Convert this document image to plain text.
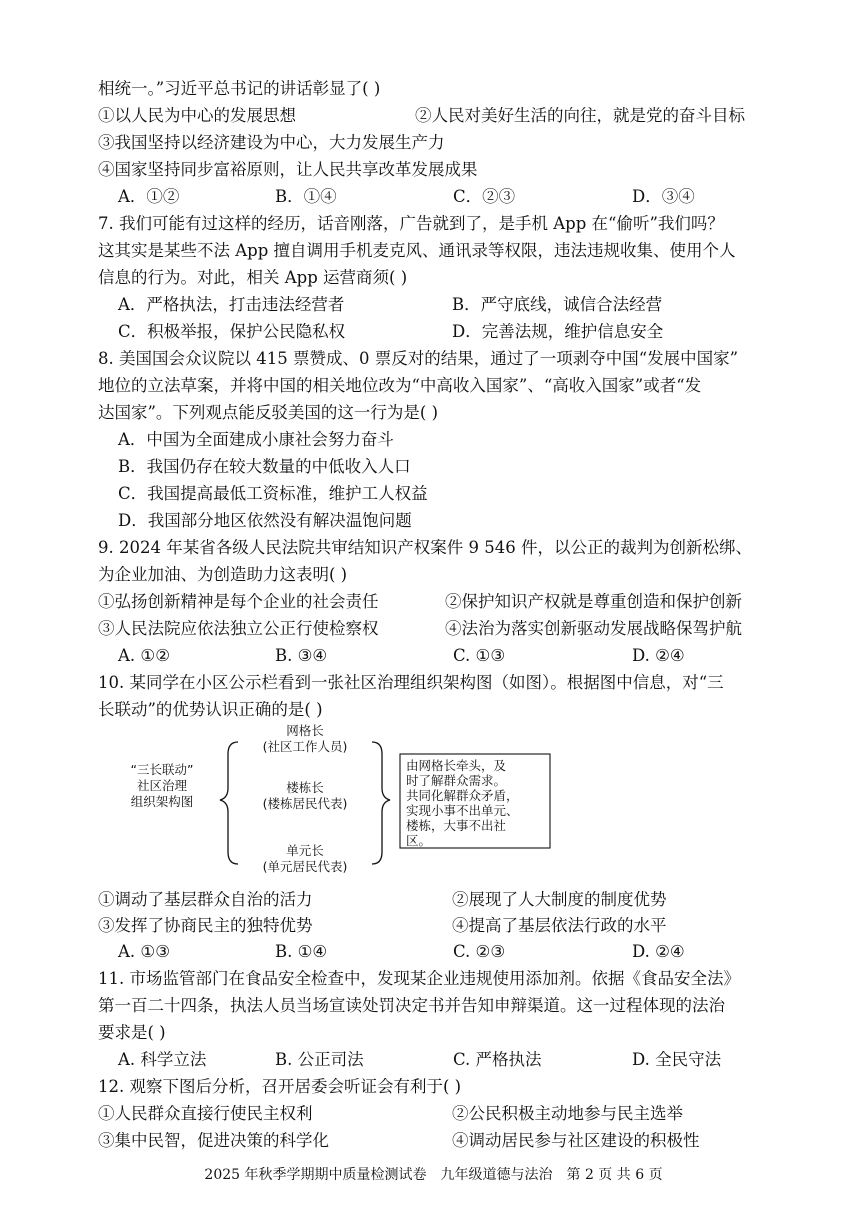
相统一。”习近平总书记的讲话彰显了( )
①以人民为中心的发展思想	②人民对美好生活的向往，就是党的奋斗目标
③我国坚持以经济建设为中心，大力发展生产力
④国家坚持同步富裕原则，让人民共享改革发展成果
A．①②	B．①④	C．②③	D．③④
7. 我们可能有过这样的经历，话音刚落，广告就到了，是手机 App 在“偷听”我们吗？
这其实是某些不法 App 擅自调用手机麦克风、通讯录等权限，违法违规收集、使用个人
信息的行为。对此，相关 App 运营商须( )
A．严格执法，打击违法经营者	B．严守底线，诚信合法经营
C．积极举报，保护公民隐私权	D．完善法规，维护信息安全
8. 美国国会众议院以 415 票赞成、0 票反对的结果，通过了一项剥夺中国“发展中国家”
地位的立法草案，并将中国的相关地位改为“中高收入国家”、“高收入国家”或者“发
达国家”。下列观点能反驳美国的这一行为是( )
A．中国为全面建成小康社会努力奋斗
B．我国仍存在较大数量的中低收入人口
C．我国提高最低工资标准，维护工人权益
D．我国部分地区依然没有解决温饱问题
9. 2024 年某省各级人民法院共审结知识产权案件 9 546 件，以公正的裁判为创新松绑、
为企业加油、为创造助力这表明( )
①弘扬创新精神是每个企业的社会责任	②保护知识产权就是尊重创造和保护创新
③人民法院应依法独立公正行使检察权	④法治为落实创新驱动发展战略保驾护航
A. ①②	B. ③④	C. ①③	D. ②④
10. 某同学在小区公示栏看到一张社区治理组织架构图（如图）。根据图中信息，对“三
长联动”的优势认识正确的是( )
“三长联动”
社区治理
组织架构图
网格长
(社区工作人员)
楼栋长
(楼栋居民代表)
单元长
(单元居民代表)
由网格长牵头，及
时了解群众需求。
共同化解群众矛盾，
实现小事不出单元、
楼栋，大事不出社
区。
①调动了基层群众自治的活力	②展现了人大制度的制度优势
③发挥了协商民主的独特优势	④提高了基层依法行政的水平
A. ①③	B. ①④	C. ②③	D. ②④
11. 市场监管部门在食品安全检查中，发现某企业违规使用添加剂。依据《食品安全法》
第一百二十四条，执法人员当场宣读处罚决定书并告知申辩渠道。这一过程体现的法治
要求是( )
A. 科学立法	B. 公正司法	C. 严格执法	D. 全民守法
12. 观察下图后分析，召开居委会听证会有利于( )
①人民群众直接行使民主权利	②公民积极主动地参与民主选举
③集中民智，促进决策的科学化	④调动居民参与社区建设的积极性
2025 年秋季学期期中质量检测试卷　九年级道德与法治　第 2 页 共 6 页
